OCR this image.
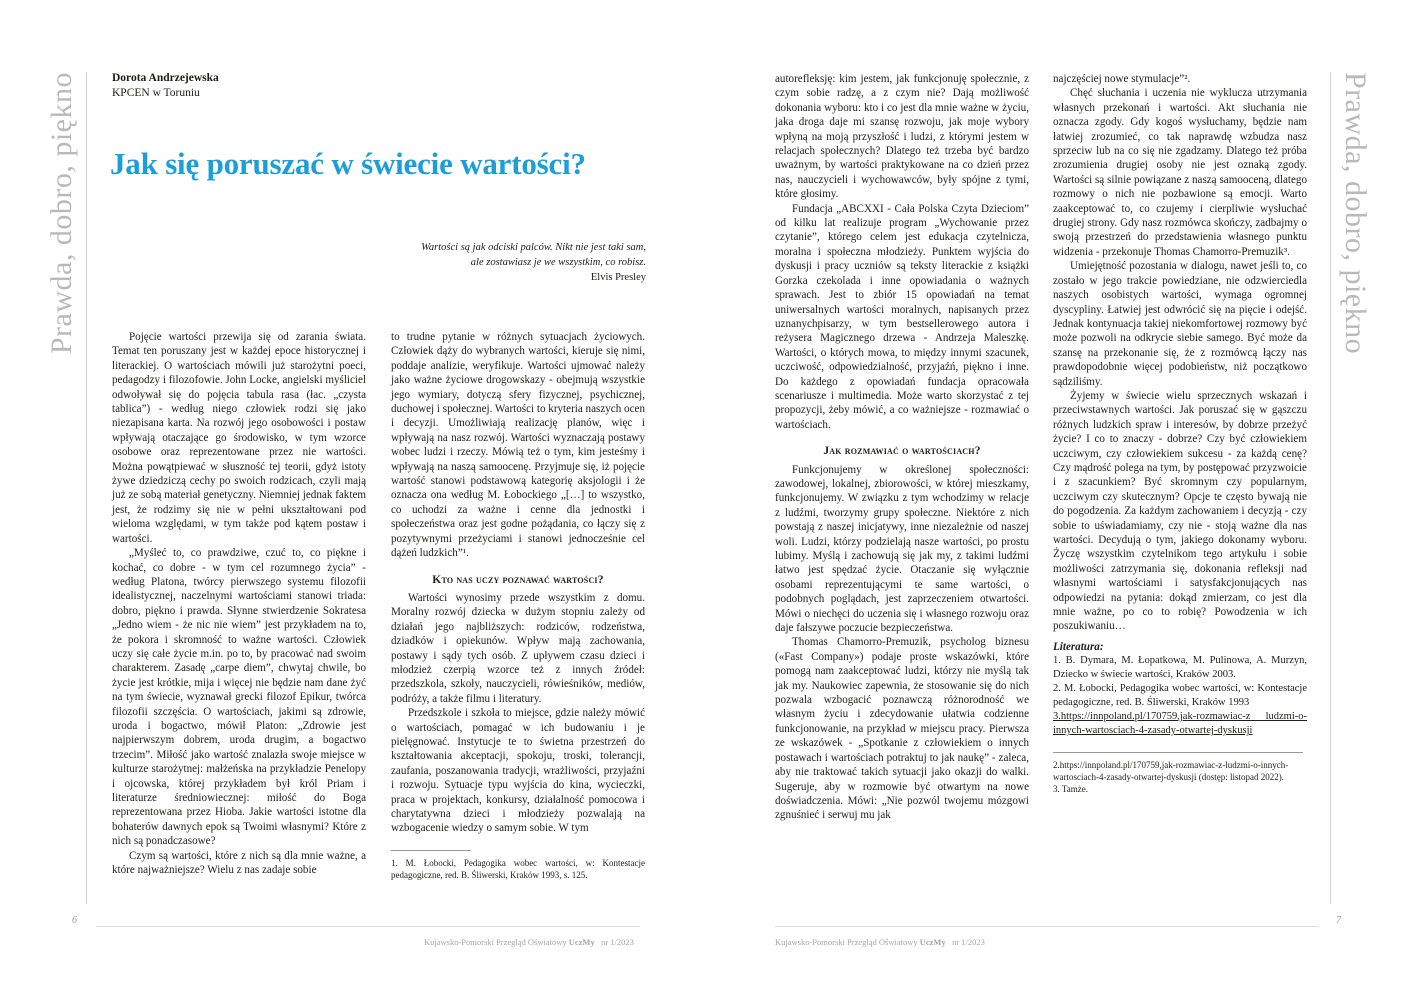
Prawda, dobro, piękno	Prawda, dobro, piękno
Dorota Andrzejewska
KPCEN w Toruniu
Jak się poruszać w świecie wartości?
Wartości są jak odciski palców. Nikt nie jest taki sam,
ale zostawiasz je we wszystkim, co robisz.
Elvis Presley

Pojęcie wartości przewija się od zarania świata. Temat ten poruszany jest w każdej epoce historycznej i literackiej. O wartościach mówili już starożytni poeci, pedagodzy i filozofowie. John Locke, angielski myśliciel odwoływał się do pojęcia tabula rasa (łac. „czysta tablica”) - według niego człowiek rodzi się jako niezapisana karta. Na rozwój jego osobowości i postaw wpływają otaczające go środowisko, w tym wzorce osobowe oraz reprezentowane przez nie wartości. Można powątpiewać w słuszność tej teorii, gdyż istoty żywe dziedziczą cechy po swoich rodzicach, czyli mają już ze sobą materiał genetyczny. Niemniej jednak faktem jest, że rodzimy się nie w pełni ukształtowani pod wieloma względami, w tym także pod kątem postaw i wartości.

„Myśleć to, co prawdziwe, czuć to, co piękne i kochać, co dobre - w tym cel rozumnego życia” - według Platona, twórcy pierwszego systemu filozofii idealistycznej, naczelnymi wartościami stanowi triada: dobro, piękno i prawda. Słynne stwierdzenie Sokratesa „Jedno wiem - że nic nie wiem” jest przykładem na to, że pokora i skromność to ważne wartości. Człowiek uczy się całe życie m.in. po to, by pracować nad swoim charakterem. Zasadę „carpe diem”, chwytaj chwile, bo życie jest krótkie, mija i więcej nie będzie nam dane żyć na tym świecie, wyznawał grecki filozof Epikur, twórca filozofii szczęścia. O wartościach, jakimi są zdrowie, uroda i bogactwo, mówił Platon: „Zdrowie jest najpierwszym dobrem, uroda drugim, a bogactwo trzecim”. Miłość jako wartość znalazła swoje miejsce w kulturze starożytnej: małżeńska na przykładzie Penelopy i ojcowska, której przykładem był król Priam i literaturze średniowiecznej: miłość do Boga reprezentowana przez Hioba. Jakie wartości istotne dla bohaterów dawnych epok są Twoimi własnymi? Które z nich są ponadczasowe?

Czym są wartości, które z nich są dla mnie ważne, a które najważniejsze? Wielu z nas zadaje sobie

to trudne pytanie w różnych sytuacjach życiowych. Człowiek dąży do wybranych wartości, kieruje się nimi, poddaje analizie, weryfikuje. Wartości ujmować należy jako ważne życiowe drogowskazy - obejmują wszystkie jego wymiary, dotyczą sfery fizycznej, psychicznej, duchowej i społecznej. Wartości to kryteria naszych ocen i decyzji. Umożliwiają realizację planów, więc i wpływają na nasz rozwój. Wartości wyznaczają postawy wobec ludzi i rzeczy. Mówią też o tym, kim jesteśmy i wpływają na naszą samoocenę. Przyjmuje się, iż pojęcie wartość stanowi podstawową kategorię aksjologii i że oznacza ona według M. Łobockiego „[…] to wszystko, co uchodzi za ważne i cenne dla jednostki i społeczeństwa oraz jest godne pożądania, co łączy się z pozytywnymi przeżyciami i stanowi jednocześnie cel dążeń ludzkich”¹.

Kto nas uczy poznawać wartości?

Wartości wynosimy przede wszystkim z domu. Moralny rozwój dziecka w dużym stopniu zależy od działań jego najbliższych: rodziców, rodzeństwa, dziadków i opiekunów. Wpływ mają zachowania, postawy i sądy tych osób. Z upływem czasu dzieci i młodzież czerpią wzorce też z innych źródeł: przedszkola, szkoły, nauczycieli, rówieśników, mediów, podróży, a także filmu i literatury.

Przedszkole i szkoła to miejsce, gdzie należy mówić o wartościach, pomagać w ich budowaniu i je pielęgnować. Instytucje te to świetna przestrzeń do kształtowania akceptacji, spokoju, troski, tolerancji, zaufania, poszanowania tradycji, wrażliwości, przyjaźni i rozwoju. Sytuacje typu wyjścia do kina, wycieczki, praca w projektach, konkursy, działalność pomocowa i charytatywna dzieci i młodzieży pozwalają na wzbogacenie wiedzy o samym sobie. W tym

1. M. Łobocki, Pedagogika wobec wartości, w: Kontestacje pedagogiczne, red. B. Śliwerski, Kraków 1993, s. 125.

autorefleksję: kim jestem, jak funkcjonuję społecznie, z czym sobie radzę, a z czym nie? Dają możliwość dokonania wyboru: kto i co jest dla mnie ważne w życiu, jaka droga daje mi szansę rozwoju, jak moje wybory wpłyną na moją przyszłość i ludzi, z którymi jestem w relacjach społecznych? Dlatego też trzeba być bardzo uważnym, by wartości praktykowane na co dzień przez nas, nauczycieli i wychowawców, były spójne z tymi, które głosimy.

Fundacja „ABCXXI - Cała Polska Czyta Dzieciom” od kilku lat realizuje program „Wychowanie przez czytanie”, którego celem jest edukacja czytelnicza, moralna i społeczna młodzieży. Punktem wyjścia do dyskusji i pracy uczniów są teksty literackie z książki Gorzka czekolada i inne opowiadania o ważnych sprawach. Jest to zbiór 15 opowiadań na temat uniwersalnych wartości moralnych, napisanych przez uznanychpisarzy, w tym bestsellerowego autora i reżysera Magicznego drzewa - Andrzeja Maleszkę. Wartości, o których mowa, to między innymi szacunek, uczciwość, odpowiedzialność, przyjaźń, piękno i inne. Do każdego z opowiadań fundacja opracowała scenariusze i multimedia. Może warto skorzystać z tej propozycji, żeby mówić, a co ważniejsze - rozmawiać o wartościach.

Jak rozmawiać o wartościach?

Funkcjonujemy w określonej społeczności: zawodowej, lokalnej, zbiorowości, w której mieszkamy, funkcjonujemy. W związku z tym wchodzimy w relacje z ludźmi, tworzymy grupy społeczne. Niektóre z nich powstają z naszej inicjatywy, inne niezależnie od naszej woli. Ludzi, którzy podzielają nasze wartości, po prostu lubimy. Myślą i zachowują się jak my, z takimi ludźmi łatwo jest spędzać życie. Otaczanie się wyłącznie osobami reprezentującymi te same wartości, o podobnych poglądach, jest zaprzeczeniem otwartości. Mówi o niechęci do uczenia się i własnego rozwoju oraz daje fałszywe poczucie bezpieczeństwa.

Thomas Chamorro-Premuzik, psycholog biznesu («Fast Company») podaje proste wskazówki, które pomogą nam zaakceptować ludzi, którzy nie myślą tak jak my. Naukowiec zapewnia, że stosowanie się do nich pozwala wzbogacić poznawczą różnorodność we własnym życiu i zdecydowanie ułatwia codzienne funkcjonowanie, na przykład w miejscu pracy. Pierwsza ze wskazówek - „Spotkanie z człowiekiem o innych postawach i wartościach potraktuj to jak naukę” - zaleca, aby nie traktować takich sytuacji jako okazji do walki. Sugeruje, aby w rozmowie być otwartym na nowe doświadczenia. Mówi: „Nie pozwól twojemu mózgowi zgnuśnieć i serwuj mu jak

najczęściej nowe stymulacje”².

Chęć słuchania i uczenia nie wyklucza utrzymania własnych przekonań i wartości. Akt słuchania nie oznacza zgody. Gdy kogoś wysłuchamy, będzie nam łatwiej zrozumieć, co tak naprawdę wzbudza nasz sprzeciw lub na co się nie zgadzamy. Dlatego też próba zrozumienia drugiej osoby nie jest oznaką zgody. Wartości są silnie powiązane z naszą samooceną, dlatego rozmowy o nich nie pozbawione są emocji. Warto zaakceptować to, co czujemy i cierpliwie wysłuchać drugiej strony. Gdy nasz rozmówca skończy, zadbajmy o swoją przestrzeń do przedstawienia własnego punktu widzenia - przekonuje Thomas Chamorro-Premuzik³.

Umiejętność pozostania w dialogu, nawet jeśli to, co zostało w jego trakcie powiedziane, nie odzwierciedla naszych osobistych wartości, wymaga ogromnej dyscypliny. Łatwiej jest odwrócić się na pięcie i odejść. Jednak kontynuacja takiej niekomfortowej rozmowy być może pozwoli na odkrycie siebie samego. Być może da szansę na przekonanie się, że z rozmówcą łączy nas prawdopodobnie więcej podobieństw, niż początkowo sądziliśmy.

Żyjemy w świecie wielu sprzecznych wskazań i przeciwstawnych wartości. Jak poruszać się w gąszczu różnych ludzkich spraw i interesów, by dobrze przeżyć życie? I co to znaczy - dobrze? Czy być człowiekiem uczciwym, czy człowiekiem sukcesu - za każdą cenę? Czy mądrość polega na tym, by postępować przyzwoicie i z szacunkiem? Być skromnym czy popularnym, uczciwym czy skutecznym? Opcje te często bywają nie do pogodzenia. Za każdym zachowaniem i decyzją - czy sobie to uświadamiamy, czy nie - stoją ważne dla nas wartości. Decydują o tym, jakiego dokonamy wyboru. Życzę wszystkim czytelnikom tego artykułu i sobie możliwości zatrzymania się, dokonania refleksji nad własnymi wartościami i satysfakcjonujących nas odpowiedzi na pytania: dokąd zmierzam, co jest dla mnie ważne, po co to robię? Powodzenia w ich poszukiwaniu…

Literatura:

1. B. Dymara, M. Łopatkowa, M. Pulinowa, A. Murzyn, Dziecko w świecie wartości, Kraków 2003.

2. M. Łobocki, Pedagogika wobec wartości, w: Kontestacje pedagogiczne, red. B. Śliwerski, Kraków 1993

3.https://innpoland.pl/170759,jak-rozmawiac-z ludzmi-o-innych-wartosciach-4-zasady-otwartej-dyskusji

2.https://innpoland.pl/170759,jak-rozmawiac-z-ludzmi-o-innych-wartosciach-4-zasady-otwartej-dyskusji (dostęp: listopad 2022).

3. Tamże.

6	7
Kujawsko-Pomorski Przegląd Oświatowy UczMy nr 1/2023	Kujawsko-Pomorski Przegląd Oświatowy UczMy nr 1/2023
